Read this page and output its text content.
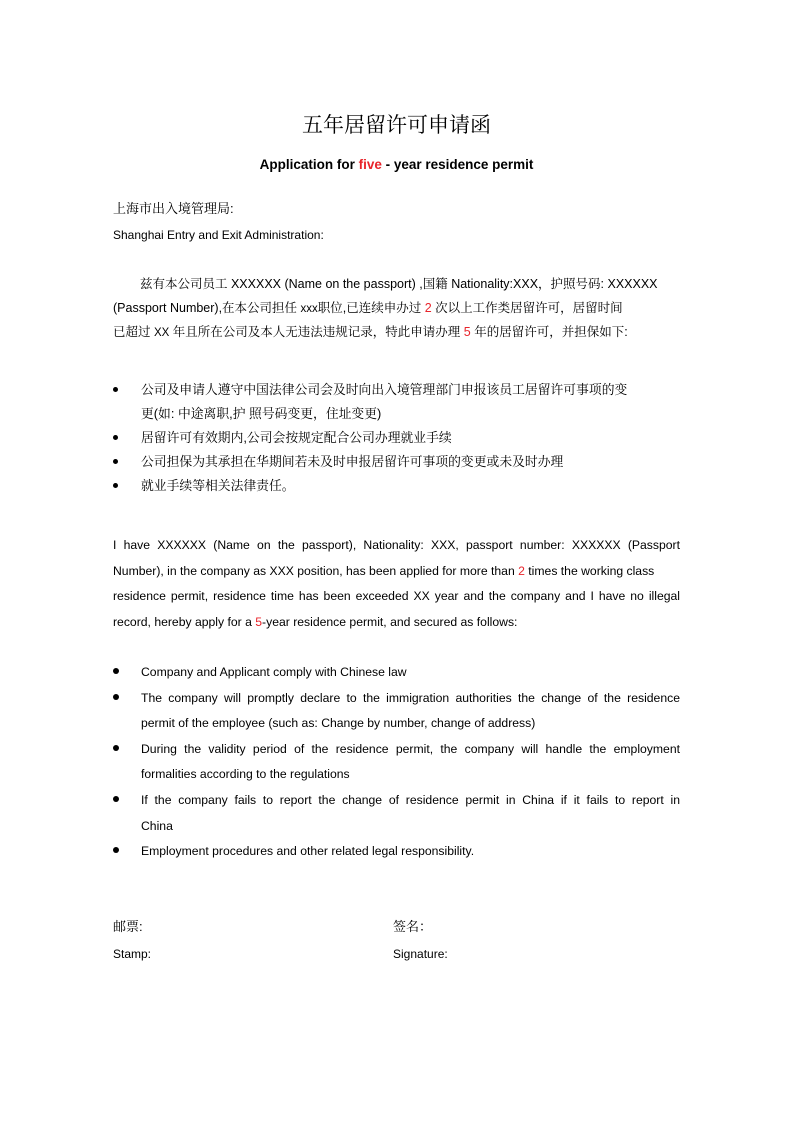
五年居留许可申请函
Application for five - year residence permit
上海市出入境管理局:
Shanghai Entry and Exit Administration:
兹有本公司员工 XXXXXX (Name on the passport) ,国籍 Nationality:XXX，护照号码: XXXXXX
(Passport Number),在本公司担任 xxx职位,已连续申办过 2 次以上工作类居留许可，居留时间
已超过 XX 年且所在公司及本人无违法违规记录，特此申请办理 5 年的居留许可，并担保如下:
公司及申请人遵守中国法律公司会及时向出入境管理部门申报该员工居留许可事项的变
更(如: 中途离职,护 照号码变更，住址变更)
居留许可有效期内,公司会按规定配合公司办理就业手续
公司担保为其承担在华期间若未及时申报居留许可事项的变更或未及时办理
就业手续等相关法律责任。
I have XXXXXX (Name on the passport), Nationality: XXX, passport number: XXXXXX (Passport
Number), in the company as XXX position, has been applied for more than 2 times the working class
residence permit, residence time has been exceeded XX year and the company and I have no illegal
record, hereby apply for a 5-year residence permit, and secured as follows:
Company and Applicant comply with Chinese law
The company will promptly declare to the immigration authorities the change of the residence
permit of the employee (such as: Change by number, change of address)
During the validity period of the residence permit, the company will handle the employment
formalities according to the regulations
If the company fails to report the change of residence permit in China if it fails to report in
China
Employment procedures and other related legal responsibility.
邮票:
Stamp:
签名：
Signature:
